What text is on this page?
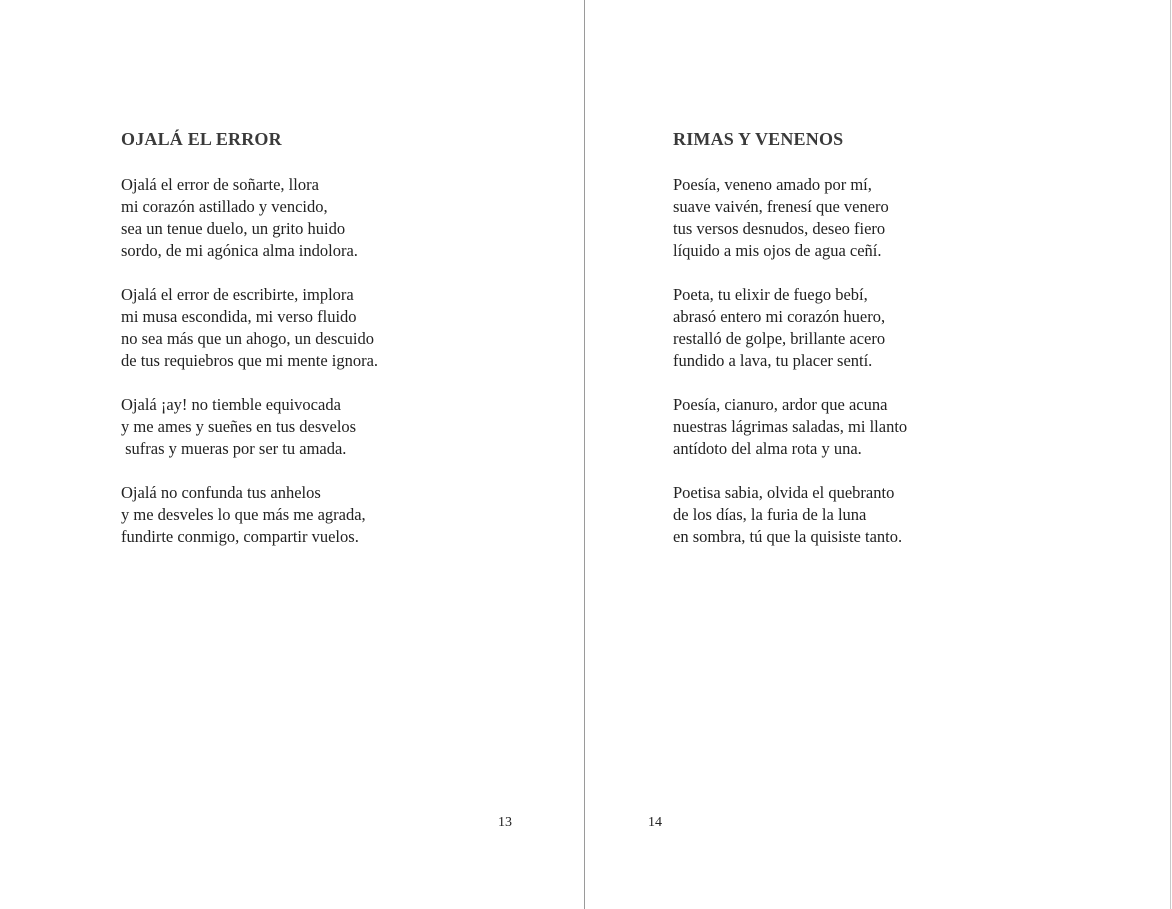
OJALÁ EL ERROR
Ojalá el error de soñarte, llora
mi corazón astillado y vencido,
sea un tenue duelo, un grito huido
sordo, de mi agónica alma indolora.
Ojalá el error de escribirte, implora
mi musa escondida, mi verso fluido
no sea más que un ahogo, un descuido
de tus requiebros que mi mente ignora.
Ojalá ¡ay! no tiemble equivocada
y me ames y sueñes en tus desvelos
sufras y mueras por ser tu amada.
Ojalá no confunda tus anhelos
y me desveles lo que más me agrada,
fundirte conmigo, compartir vuelos.
13
RIMAS Y VENENOS
Poesía, veneno amado por mí,
suave vaivén, frenesí que venero
tus versos desnudos, deseo fiero
líquido a mis ojos de agua ceñí.
Poeta, tu elixir de fuego bebí,
abrasó entero mi corazón huero,
restalló de golpe, brillante acero
fundido a lava, tu placer sentí.
Poesía, cianuro, ardor que acuna
nuestras lágrimas saladas, mi llanto
antídoto del alma rota y una.
Poetisa sabia, olvida el quebranto
de los días, la furia de la luna
en sombra, tú que la quisiste tanto.
14
